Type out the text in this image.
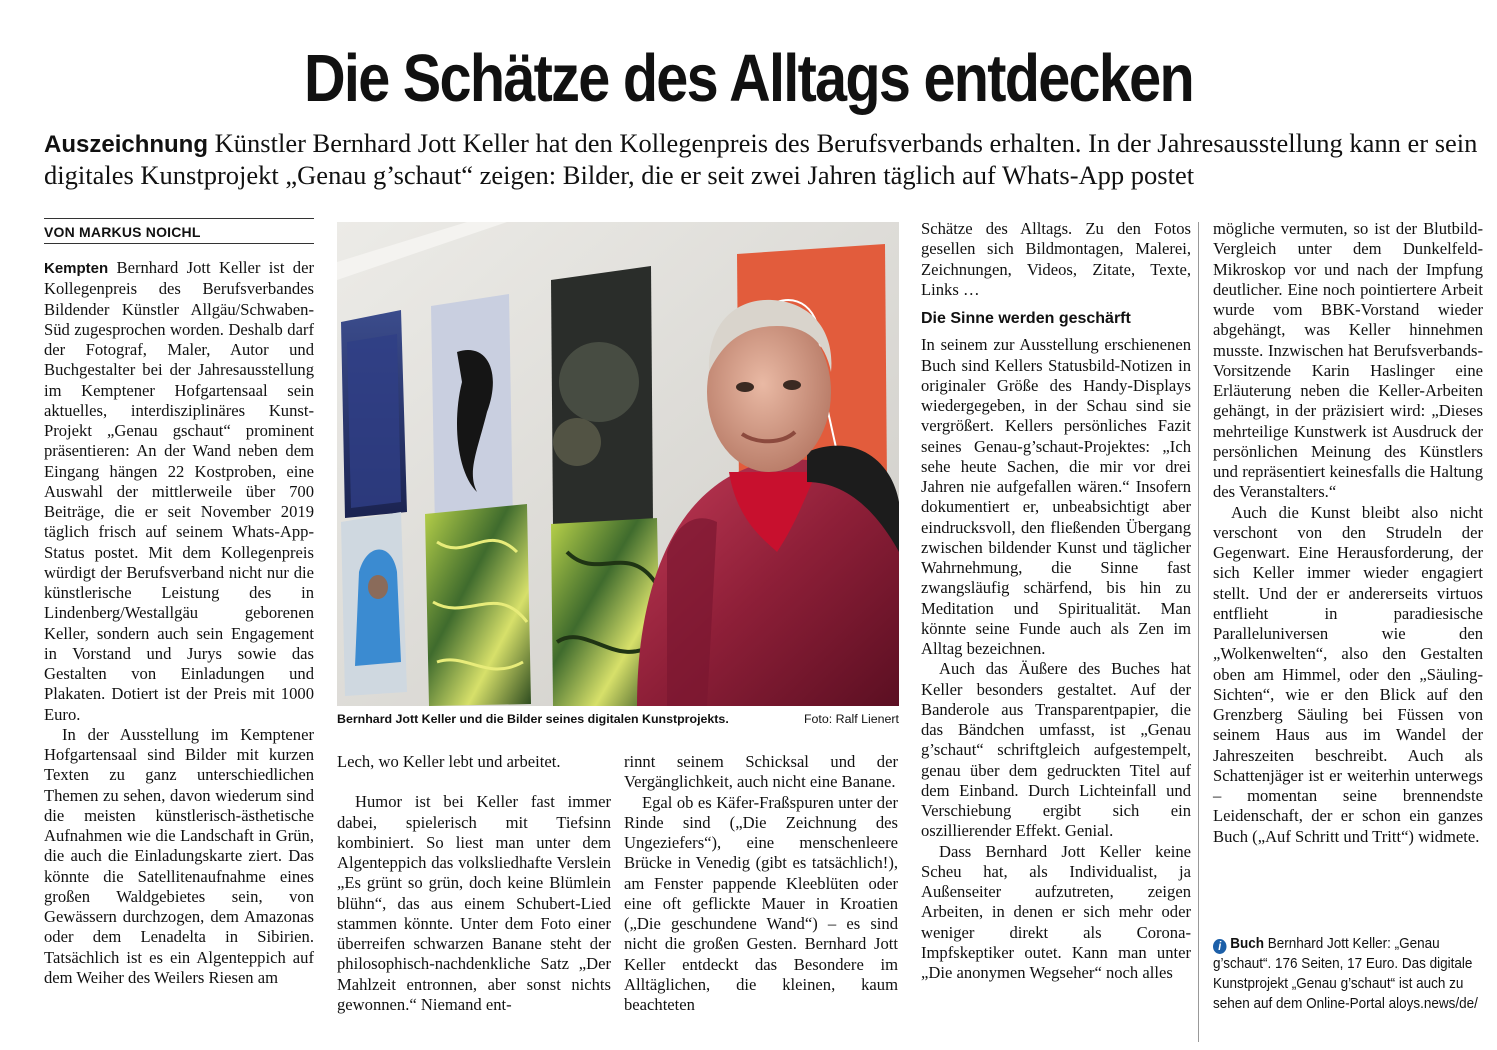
Die Schätze des Alltags entdecken
Auszeichnung Künstler Bernhard Jott Keller hat den Kollegenpreis des Berufsverbands erhalten. In der Jahresausstellung kann er sein digitales Kunstprojekt „Genau g’schaut“ zeigen: Bilder, die er seit zwei Jahren täglich auf Whats-App postet
VON MARKUS NOICHL

Kempten Bernhard Jott Keller ist der Kollegenpreis des Berufsverbandes Bildender Künstler Allgäu/Schwaben-Süd zugesprochen worden. Deshalb darf der Fotograf, Maler, Autor und Buchgestalter bei der Jahresausstellung im Kemptener Hofgartensaal sein aktuelles, interdisziplinäres Kunst-Projekt „Genau gschaut“ prominent präsentieren: An der Wand neben dem Eingang hängen 22 Kostproben, eine Auswahl der mittlerweile über 700 Beiträge, die er seit November 2019 täglich frisch auf seinem Whats-App-Status postet. Mit dem Kollegenpreis würdigt der Berufsverband nicht nur die künstlerische Leistung des in Lindenberg/Westallgäu geborenen Keller, sondern auch sein Engagement in Vorstand und Jurys sowie das Gestalten von Einladungen und Plakaten. Dotiert ist der Preis mit 1000 Euro.

In der Ausstellung im Kemptener Hofgartensaal sind Bilder mit kurzen Texten zu ganz unterschiedlichen Themen zu sehen, davon wiederum sind die meisten künstlerisch-ästhetische Aufnahmen wie die Landschaft in Grün, die auch die Einladungskarte ziert. Das könnte die Satellitenaufnahme eines großen Waldgebietes sein, von Gewässern durchzogen, dem Amazonas oder dem Lenadelta in Sibirien. Tatsächlich ist es ein Algenteppich auf dem Weiher des Weilers Riesen am

Bernhard Jott Keller und die Bilder seines digitalen Kunstprojekts.	Foto: Ralf Lienert

Lech, wo Keller lebt und arbeitet.

Humor ist bei Keller fast immer dabei, spielerisch mit Tiefsinn kombiniert. So liest man unter dem Algenteppich das volksliedhafte Verslein „Es grünt so grün, doch keine Blümlein blühn“, das aus einem Schubert-Lied stammen könnte. Unter dem Foto einer überreifen schwarzen Banane steht der philosophisch-nachdenkliche Satz „Der Mahlzeit entronnen, aber sonst nichts gewonnen.“ Niemand ent-

rinnt seinem Schicksal und der Vergänglichkeit, auch nicht eine Banane.

Egal ob es Käfer-Fraßspuren unter der Rinde sind („Die Zeichnung des Ungeziefers“), eine menschenleere Brücke in Venedig (gibt es tatsächlich!), am Fenster pappende Kleeblüten oder eine oft geflickte Mauer in Kroatien („Die geschundene Wand“) – es sind nicht die großen Gesten. Bernhard Jott Keller entdeckt das Besondere im Alltäglichen, die kleinen, kaum beachteten

Schätze des Alltags. Zu den Fotos gesellen sich Bildmontagen, Malerei, Zeichnungen, Videos, Zitate, Texte, Links …

Die Sinne werden geschärft

In seinem zur Ausstellung erschienenen Buch sind Kellers Statusbild-Notizen in originaler Größe des Handy-Displays wiedergegeben, in der Schau sind sie vergrößert. Kellers persönliches Fazit seines Genau-g’schaut-Projektes: „Ich sehe heute Sachen, die mir vor drei Jahren nie aufgefallen wären.“ Insofern dokumentiert er, unbeabsichtigt aber eindrucksvoll, den fließenden Übergang zwischen bildender Kunst und täglicher Wahrnehmung, die Sinne fast zwangsläufig schärfend, bis hin zu Meditation und Spiritualität. Man könnte seine Funde auch als Zen im Alltag bezeichnen.

Auch das Äußere des Buches hat Keller besonders gestaltet. Auf der Banderole aus Transparentpapier, die das Bändchen umfasst, ist „Genau g’schaut“ schriftgleich aufgestempelt, genau über dem gedruckten Titel auf dem Einband. Durch Lichteinfall und Verschiebung ergibt sich ein oszillierender Effekt. Genial.

Dass Bernhard Jott Keller keine Scheu hat, als Individualist, ja Außenseiter aufzutreten, zeigen Arbeiten, in denen er sich mehr oder weniger direkt als Corona-Impfskeptiker outet. Kann man unter „Die anonymen Wegseher“ noch alles

mögliche vermuten, so ist der Blutbild-Vergleich unter dem Dunkelfeld-Mikroskop vor und nach der Impfung deutlicher. Eine noch pointiertere Arbeit wurde vom BBK-Vorstand wieder abgehängt, was Keller hinnehmen musste. Inzwischen hat Berufsverbands-Vorsitzende Karin Haslinger eine Erläuterung neben die Keller-Arbeiten gehängt, in der präzisiert wird: „Dieses mehrteilige Kunstwerk ist Ausdruck der persönlichen Meinung des Künstlers und repräsentiert keinesfalls die Haltung des Veranstalters.“

Auch die Kunst bleibt also nicht verschont von den Strudeln der Gegenwart. Eine Herausforderung, der sich Keller immer wieder engagiert stellt. Und der er andererseits virtuos entflieht in paradiesische Paralleluniversen wie den „Wolkenwelten“, also den Gestalten oben am Himmel, oder den „Säuling-Sichten“, wie er den Blick auf den Grenzberg Säuling bei Füssen von seinem Haus aus im Wandel der Jahreszeiten beschreibt. Auch als Schattenjäger ist er weiterhin unterwegs – momentan seine brennendste Leidenschaft, der er schon ein ganzes Buch („Auf Schritt und Tritt“) widmete.

i Buch Bernhard Jott Keller: „Genau g’schaut“. 176 Seiten, 17 Euro. Das digitale Kunstprojekt „Genau g’schaut“ ist auch zu sehen auf dem Online-Portal aloys.news/de/
